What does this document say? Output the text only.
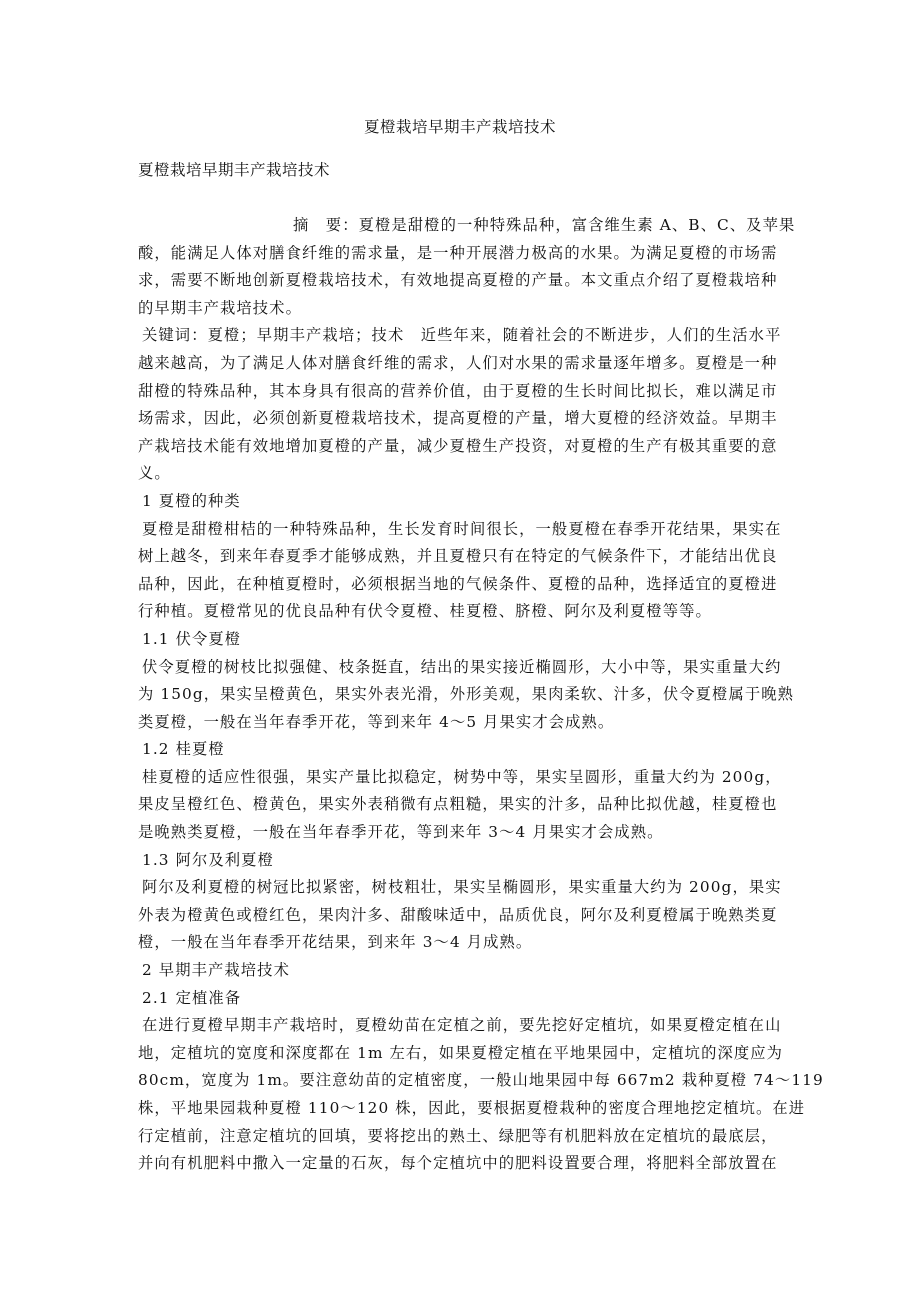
夏橙栽培早期丰产栽培技术
夏橙栽培早期丰产栽培技术
摘　要：夏橙是甜橙的一种特殊品种，富含维生素 A、B、C、及苹果
酸，能满足人体对膳食纤维的需求量，是一种开展潜力极高的水果。为满足夏橙的市场需
求，需要不断地创新夏橙栽培技术，有效地提高夏橙的产量。本文重点介绍了夏橙栽培种
的早期丰产栽培技术。
关键词：夏橙；早期丰产栽培；技术　近些年来，随着社会的不断进步，人们的生活水平
越来越高，为了满足人体对膳食纤维的需求，人们对水果的需求量逐年增多。夏橙是一种
甜橙的特殊品种，其本身具有很高的营养价值，由于夏橙的生长时间比拟长，难以满足市
场需求，因此，必须创新夏橙栽培技术，提高夏橙的产量，增大夏橙的经济效益。早期丰
产栽培技术能有效地增加夏橙的产量，减少夏橙生产投资，对夏橙的生产有极其重要的意
义。
1 夏橙的种类
夏橙是甜橙柑桔的一种特殊品种，生长发育时间很长，一般夏橙在春季开花结果，果实在
树上越冬，到来年春夏季才能够成熟，并且夏橙只有在特定的气候条件下，才能结出优良
品种，因此，在种植夏橙时，必须根据当地的气候条件、夏橙的品种，选择适宜的夏橙进
行种植。夏橙常见的优良品种有伏令夏橙、桂夏橙、脐橙、阿尔及利夏橙等等。
1.1 伏令夏橙
伏令夏橙的树枝比拟强健、枝条挺直，结出的果实接近椭圆形，大小中等，果实重量大约
为 150g，果实呈橙黄色，果实外表光滑，外形美观，果肉柔软、汁多，伏令夏橙属于晚熟
类夏橙，一般在当年春季开花，等到来年 4～5 月果实才会成熟。
1.2 桂夏橙
桂夏橙的适应性很强，果实产量比拟稳定，树势中等，果实呈圆形，重量大约为 200g，
果皮呈橙红色、橙黄色，果实外表稍微有点粗糙，果实的汁多，品种比拟优越，桂夏橙也
是晚熟类夏橙，一般在当年春季开花，等到来年 3～4 月果实才会成熟。
1.3 阿尔及利夏橙
阿尔及利夏橙的树冠比拟紧密，树枝粗壮，果实呈椭圆形，果实重量大约为 200g，果实
外表为橙黄色或橙红色，果肉汁多、甜酸味适中，品质优良，阿尔及利夏橙属于晚熟类夏
橙，一般在当年春季开花结果，到来年 3～4 月成熟。
2 早期丰产栽培技术
2.1 定植准备
在进行夏橙早期丰产栽培时，夏橙幼苗在定植之前，要先挖好定植坑，如果夏橙定植在山
地，定植坑的宽度和深度都在 1m 左右，如果夏橙定植在平地果园中，定植坑的深度应为
80cm，宽度为 1m。要注意幼苗的定植密度，一般山地果园中每 667m2 栽种夏橙 74～119
株，平地果园栽种夏橙 110～120 株，因此，要根据夏橙栽种的密度合理地挖定植坑。在进
行定植前，注意定植坑的回填，要将挖出的熟土、绿肥等有机肥料放在定植坑的最底层，
并向有机肥料中撒入一定量的石灰，每个定植坑中的肥料设置要合理，将肥料全部放置在
